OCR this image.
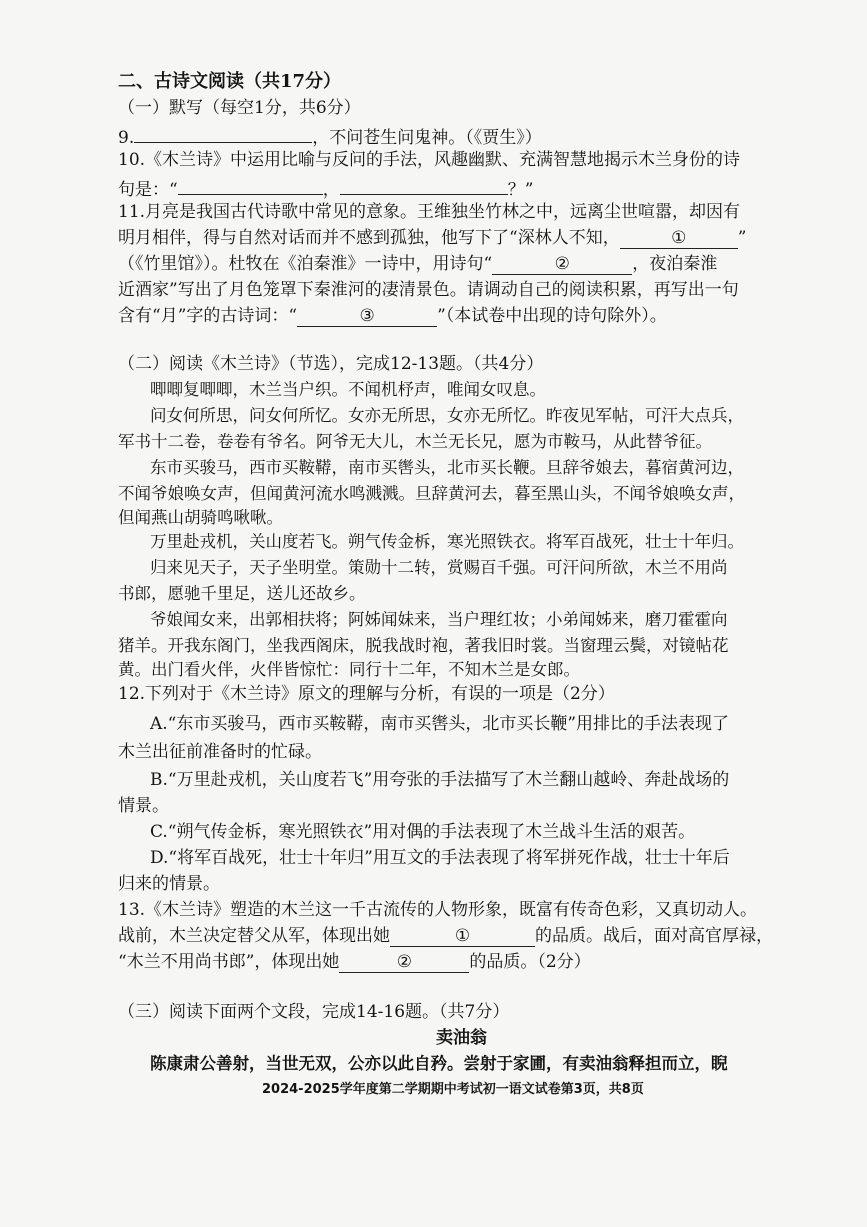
二、古诗文阅读（共17分）
（一）默写（每空1分，共6分）
9.	，不问苍生问鬼神。（《贾生》）
10.《木兰诗》中运用比喻与反问的手法，风趣幽默、充满智慧地揭示木兰身份的诗
句是：“	，	？”
11.月亮是我国古代诗歌中常见的意象。王维独坐竹林之中，远离尘世喧嚣，却因有
明月相伴，得与自然对话而并不感到孤独，他写下了“深林人不知，	①	”
（《竹里馆》）。杜牧在《泊秦淮》一诗中，用诗句“	②	，夜泊秦淮
近酒家”写出了月色笼罩下秦淮河的凄清景色。请调动自己的阅读积累，再写出一句
含有“月”字的古诗词：“	③	”（本试卷中出现的诗句除外）。
（二）阅读《木兰诗》（节选），完成12-13题。（共4分）
唧唧复唧唧，木兰当户织。不闻机杼声，唯闻女叹息。
问女何所思，问女何所忆。女亦无所思，女亦无所忆。昨夜见军帖，可汗大点兵，
军书十二卷，卷卷有爷名。阿爷无大儿，木兰无长兄，愿为市鞍马，从此替爷征。
东市买骏马，西市买鞍鞯，南市买辔头，北市买长鞭。旦辞爷娘去，暮宿黄河边，
不闻爷娘唤女声，但闻黄河流水鸣溅溅。旦辞黄河去，暮至黑山头，不闻爷娘唤女声，
但闻燕山胡骑鸣啾啾。
万里赴戎机，关山度若飞。朔气传金柝，寒光照铁衣。将军百战死，壮士十年归。
归来见天子，天子坐明堂。策勋十二转，赏赐百千强。可汗问所欲，木兰不用尚
书郎，愿驰千里足，送儿还故乡。
爷娘闻女来，出郭相扶将；阿姊闻妹来，当户理红妆；小弟闻姊来，磨刀霍霍向
猪羊。开我东阁门，坐我西阁床，脱我战时袍，著我旧时裳。当窗理云鬓，对镜帖花
黄。出门看火伴，火伴皆惊忙：同行十二年，不知木兰是女郎。
12.下列对于《木兰诗》原文的理解与分析，有误的一项是（2分）
A.“东市买骏马，西市买鞍鞯，南市买辔头，北市买长鞭”用排比的手法表现了
木兰出征前准备时的忙碌。
B.“万里赴戎机，关山度若飞”用夸张的手法描写了木兰翻山越岭、奔赴战场的
情景。
C.“朔气传金柝，寒光照铁衣”用对偶的手法表现了木兰战斗生活的艰苦。
D.“将军百战死，壮士十年归”用互文的手法表现了将军拼死作战，壮士十年后
归来的情景。
13.《木兰诗》塑造的木兰这一千古流传的人物形象，既富有传奇色彩，又真切动人。
战前，木兰决定替父从军，体现出她	①	的品质。战后，面对高官厚禄，
“木兰不用尚书郎”，体现出她	②	的品质。（2分）
（三）阅读下面两个文段，完成14-16题。（共7分）
卖油翁
陈康肃公善射，当世无双，公亦以此自矜。尝射于家圃，有卖油翁释担而立，睨
2024-2025学年度第二学期期中考试初一语文试卷第3页，共8页
